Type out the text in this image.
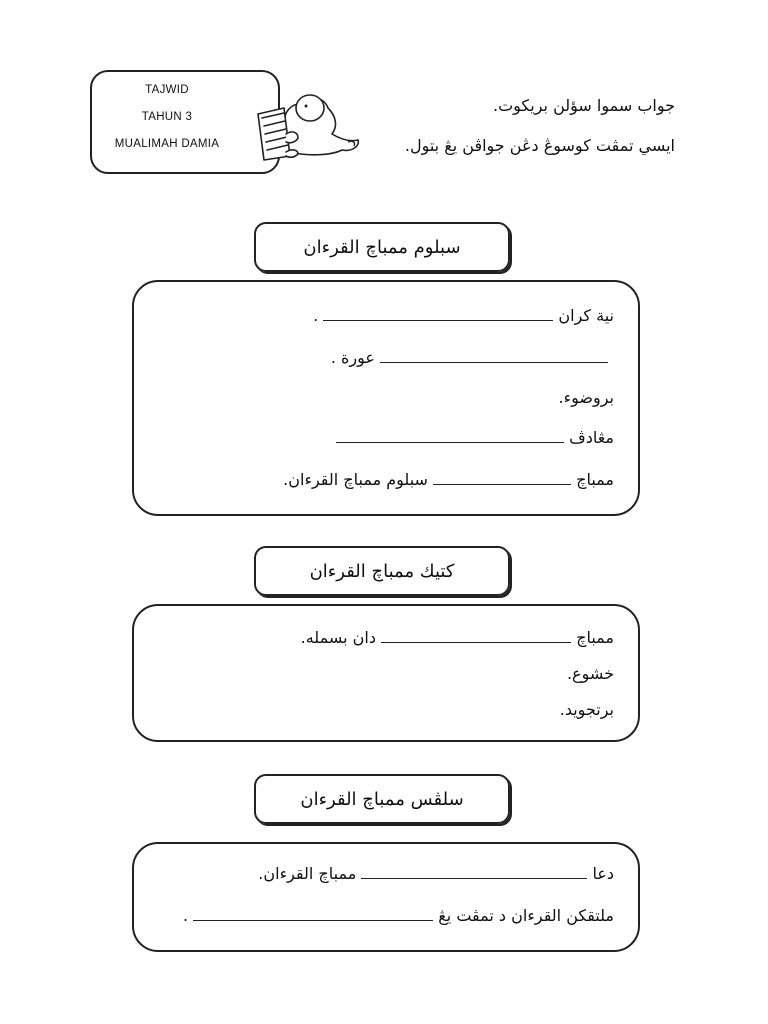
TAJWID
TAHUN 3
MUALIMAH DAMIA
جواب سموا سؤلن بريكوت.
ايسي تمڤت كوسوڠ دڠن جواڤن يڠ بتول.
سبلوم ممباچ القرءان
نية كران  .
عورة .
بروضوء.
مڠادڤ
ممباچ  سبلوم ممباچ القرءان.
كتيك ممباچ القرءان
ممباچ  دان بسمله.
خشوع.
برتجويد.
سلڤس ممباچ القرءان
دعا  ممباچ القرءان.
ملتقكن القرءان د تمڤت يڠ  .
